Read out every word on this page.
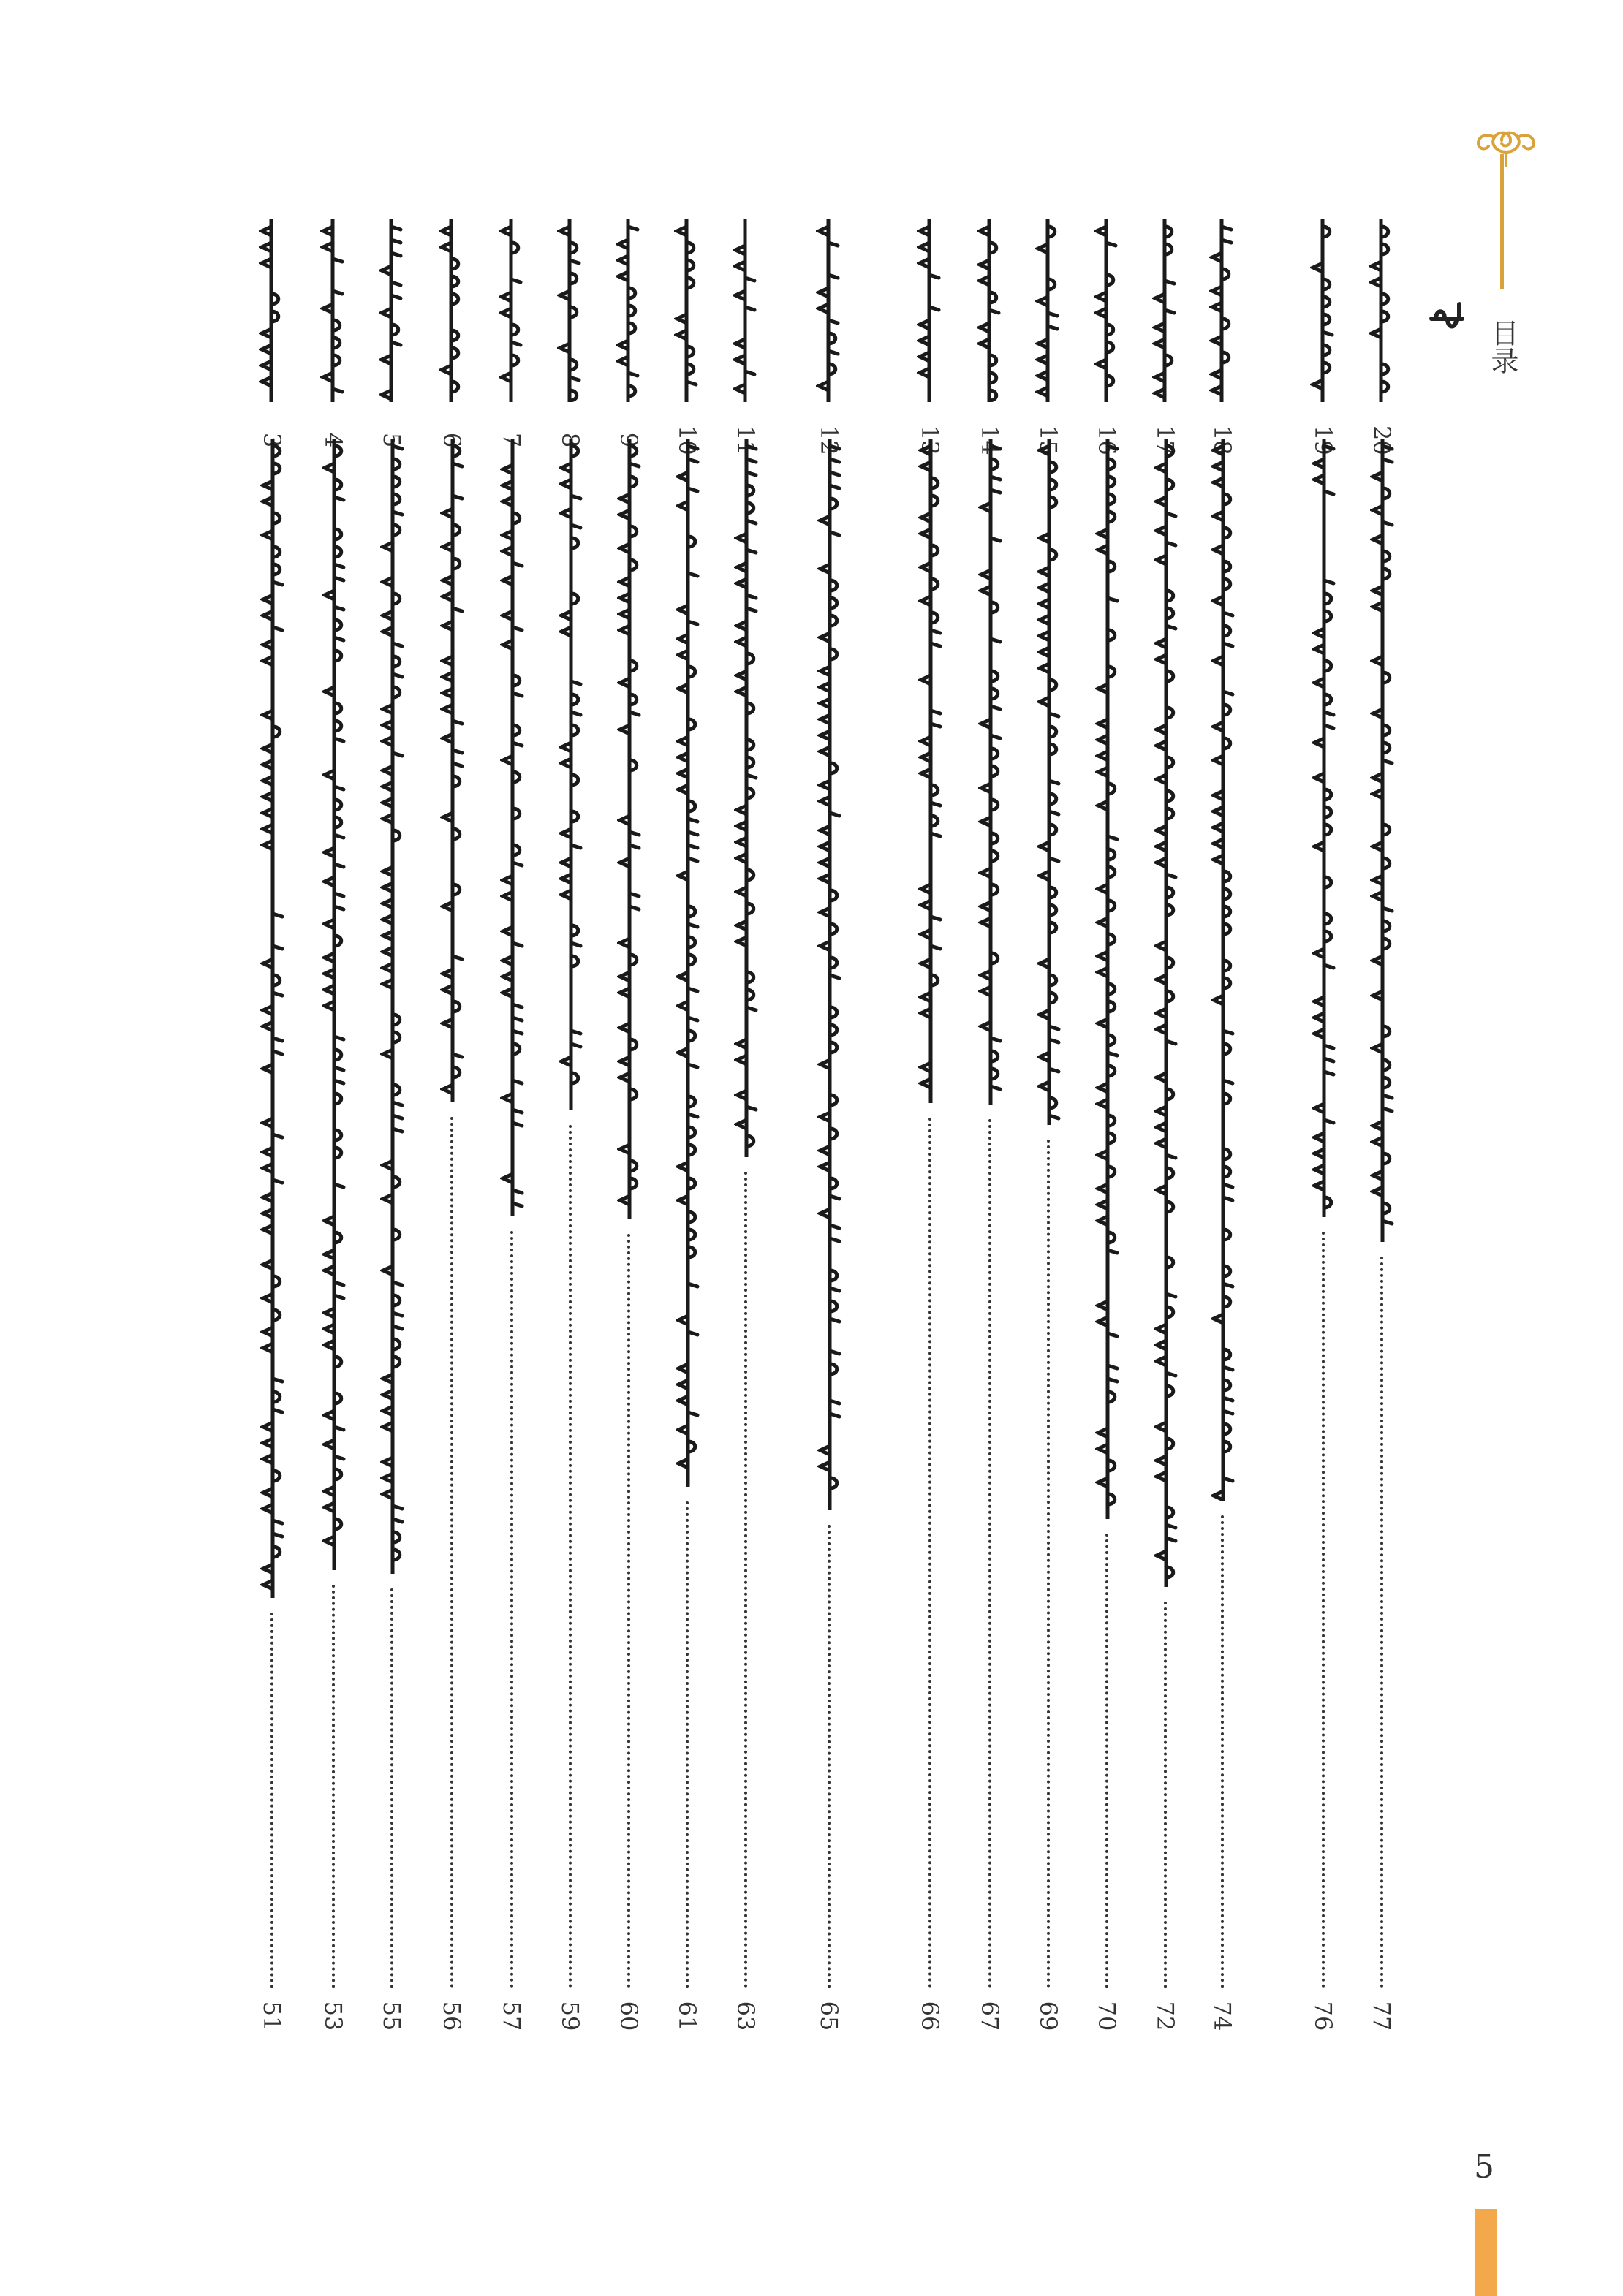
目录
20
77
19
76
18
74
17
72
16
70
15
69
14
67
13
66
12
65
11
63
10
61
9
60
8
59
7
57
6
56
5
55
4
53
3
51
5
